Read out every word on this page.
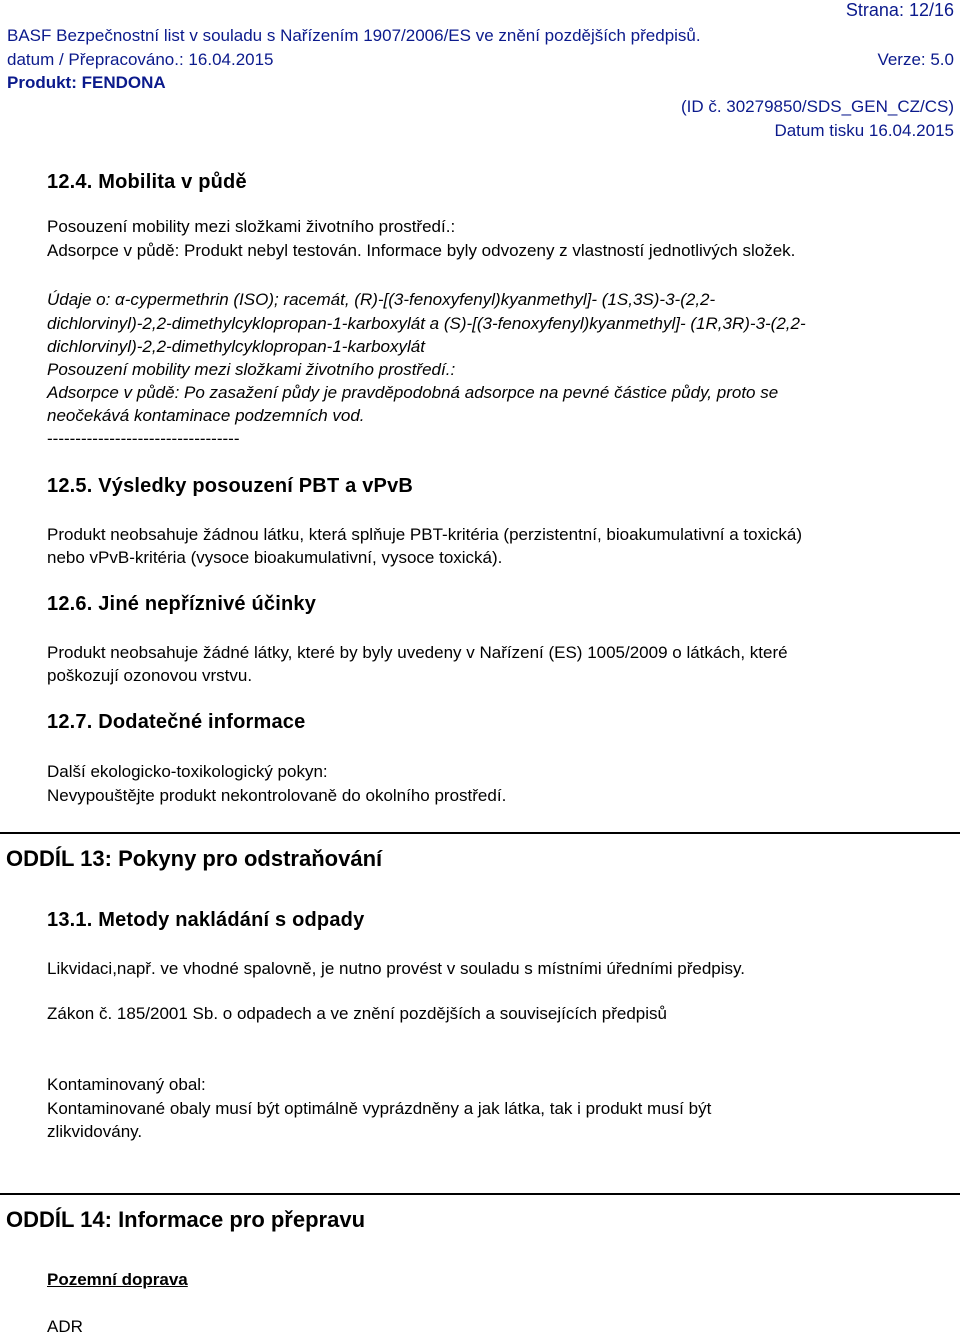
Strana: 12/16
BASF Bezpečnostní list v souladu s Nařízením 1907/2006/ES ve znění pozdějších předpisů.
datum / Přepracováno.: 16.04.2015	Verze: 5.0
Produkt: FENDONA
(ID č. 30279850/SDS_GEN_CZ/CS)
Datum tisku 16.04.2015
12.4. Mobilita v půdě
Posouzení mobility mezi složkami životního prostředí.:
Adsorpce v půdě: Produkt nebyl testován. Informace byly odvozeny z vlastností jednotlivých složek.
Údaje o: α-cypermethrin (ISO); racemát, (R)-[(3-fenoxyfenyl)kyanmethyl]- (1S,3S)-3-(2,2-
dichlorvinyl)-2,2-dimethylcyklopropan-1-karboxylát a (S)-[(3-fenoxyfenyl)kyanmethyl]- (1R,3R)-3-(2,2-
dichlorvinyl)-2,2-dimethylcyklopropan-1-karboxylát
Posouzení mobility mezi složkami životního prostředí.:
Adsorpce v půdě: Po zasažení půdy je pravděpodobná adsorpce na pevné částice půdy, proto se
neočekává kontaminace podzemních vod.
----------------------------------
12.5. Výsledky posouzení PBT a vPvB
Produkt neobsahuje žádnou látku, která splňuje PBT-kritéria (perzistentní, bioakumulativní a toxická)
nebo vPvB-kritéria (vysoce bioakumulativní, vysoce toxická).
12.6. Jiné nepříznivé účinky
Produkt neobsahuje žádné látky, které by byly uvedeny v Nařízení (ES) 1005/2009 o látkách, které
poškozují ozonovou vrstvu.
12.7. Dodatečné informace
Další ekologicko-toxikologický pokyn:
Nevypouštějte produkt nekontrolovaně do okolního prostředí.
ODDÍL 13: Pokyny pro odstraňování
13.1. Metody nakládání s odpady
Likvidaci,např. ve vhodné spalovně, je nutno provést v souladu s místními úředními předpisy.
Zákon č. 185/2001 Sb. o odpadech a ve znění pozdějších a souvisejících předpisů
Kontaminovaný obal:
Kontaminované obaly musí být optimálně vyprázdněny a jak látka, tak i produkt musí být
zlikvidovány.
ODDÍL 14: Informace pro přepravu
Pozemní doprava
ADR
